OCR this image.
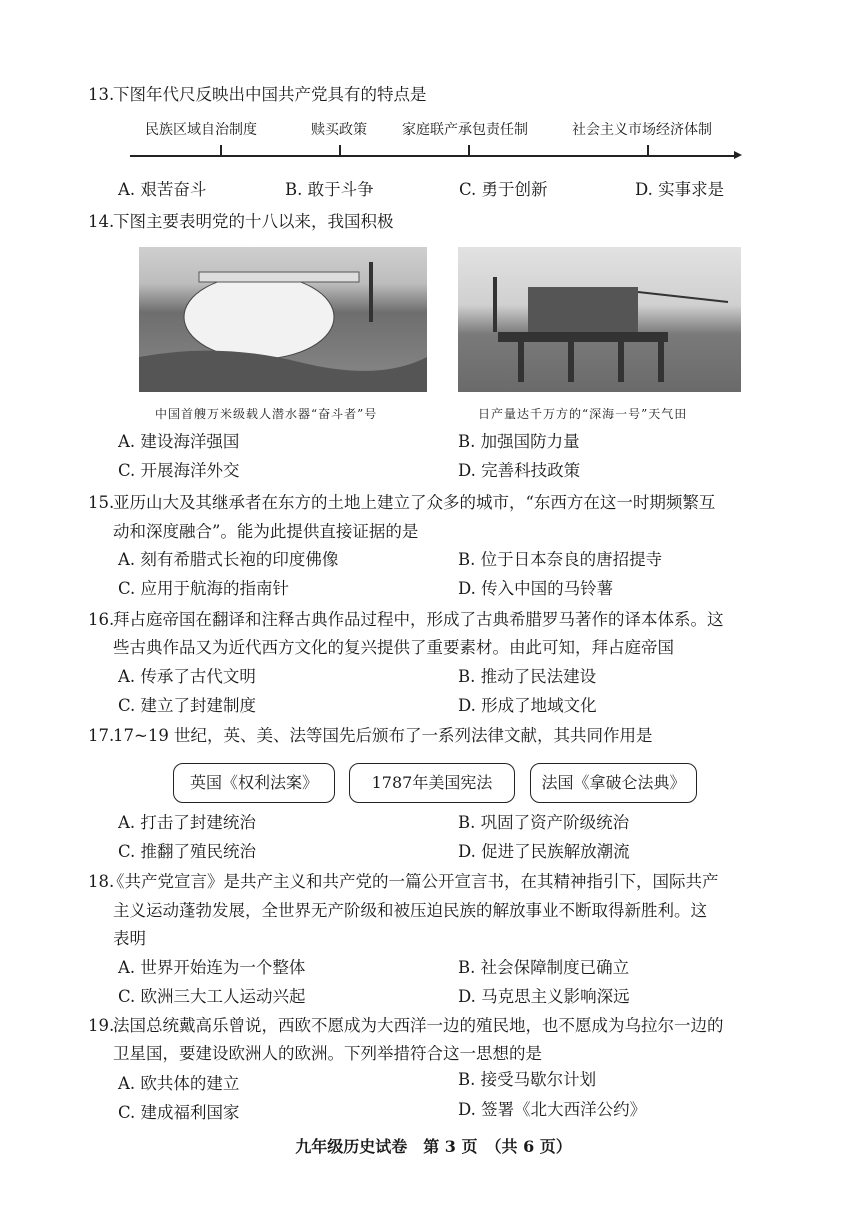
13.
下图年代尺反映出中国共产党具有的特点是
民族区域自治制度	赎买政策	家庭联产承包责任制	社会主义市场经济体制
A. 艰苦奋斗	B. 敢于斗争	C. 勇于创新	D. 实事求是
14.
下图主要表明党的十八以来，我国积极
中国首艘万米级载人潜水器“奋斗者”号	日产量达千万方的“深海一号”天气田
A. 建设海洋强国	B. 加强国防力量
C. 开展海洋外交	D. 完善科技政策
15.
亚历山大及其继承者在东方的土地上建立了众多的城市，“东西方在这一时期频繁互
动和深度融合”。能为此提供直接证据的是
A. 刻有希腊式长袍的印度佛像	B. 位于日本奈良的唐招提寺
C. 应用于航海的指南针	D. 传入中国的马铃薯
16.
拜占庭帝国在翻译和注释古典作品过程中，形成了古典希腊罗马著作的译本体系。这
些古典作品又为近代西方文化的复兴提供了重要素材。由此可知，拜占庭帝国
A. 传承了古代文明	B. 推动了民法建设
C. 建立了封建制度	D. 形成了地域文化
17.
17~19 世纪，英、美、法等国先后颁布了一系列法律文献，其共同作用是
英国《权利法案》	1787年美国宪法	法国《拿破仑法典》
A. 打击了封建统治	B. 巩固了资产阶级统治
C. 推翻了殖民统治	D. 促进了民族解放潮流
18.
《共产党宣言》是共产主义和共产党的一篇公开宣言书，在其精神指引下，国际共产
主义运动蓬勃发展，全世界无产阶级和被压迫民族的解放事业不断取得新胜利。这
表明
A. 世界开始连为一个整体	B. 社会保障制度已确立
C. 欧洲三大工人运动兴起	D. 马克思主义影响深远
19.
法国总统戴高乐曾说，西欧不愿成为大西洋一边的殖民地，也不愿成为乌拉尔一边的
卫星国，要建设欧洲人的欧洲。下列举措符合这一思想的是
A. 欧共体的建立	B. 接受马歇尔计划
C. 建成福利国家	D. 签署《北大西洋公约》
九年级历史试卷　第 3 页　（共 6 页）
